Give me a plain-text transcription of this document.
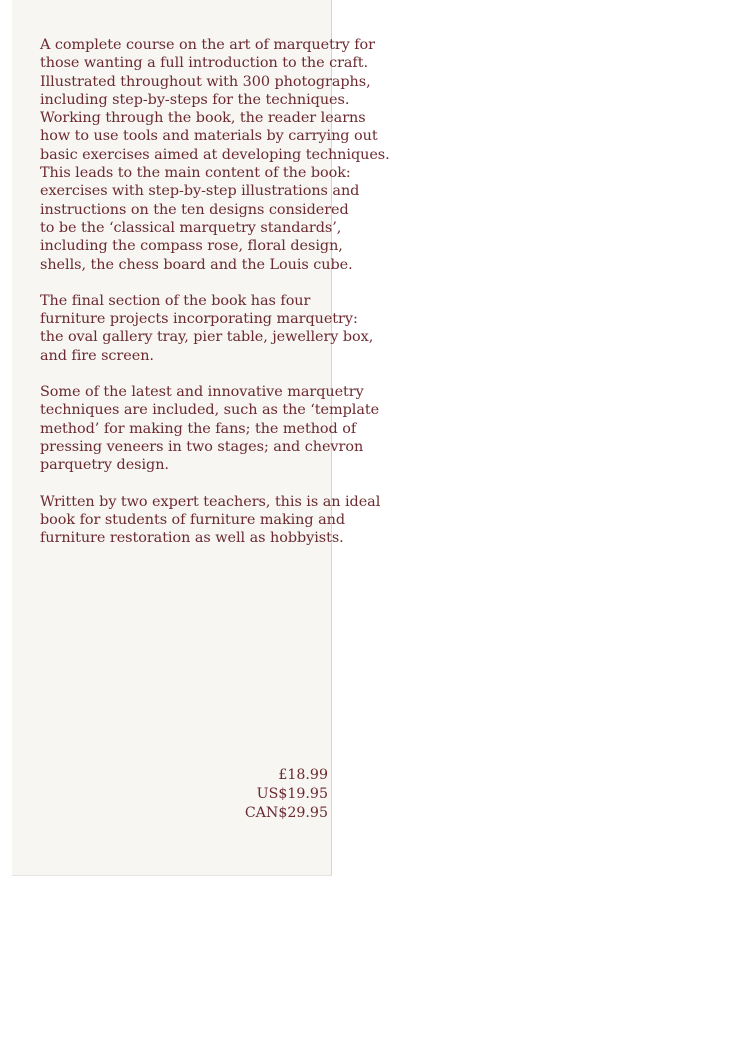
A complete course on the art of marquetry for
those wanting a full introduction to the craft.
Illustrated throughout with 300 photographs,
including step-by-steps for the techniques.
Working through the book, the reader learns
how to use tools and materials by carrying out
basic exercises aimed at developing techniques.
This leads to the main content of the book:
exercises with step-by-step illustrations and
instructions on the ten designs considered
to be the ‘classical marquetry standards’,
including the compass rose, floral design,
shells, the chess board and the Louis cube.

The final section of the book has four
furniture projects incorporating marquetry:
the oval gallery tray, pier table, jewellery box,
and fire screen.

Some of the latest and innovative marquetry
techniques are included, such as the ‘template
method’ for making the fans; the method of
pressing veneers in two stages; and chevron
parquetry design.

Written by two expert teachers, this is an ideal
book for students of furniture making and
furniture restoration as well as hobbyists.

£18.99
US$19.95
CAN$29.95
